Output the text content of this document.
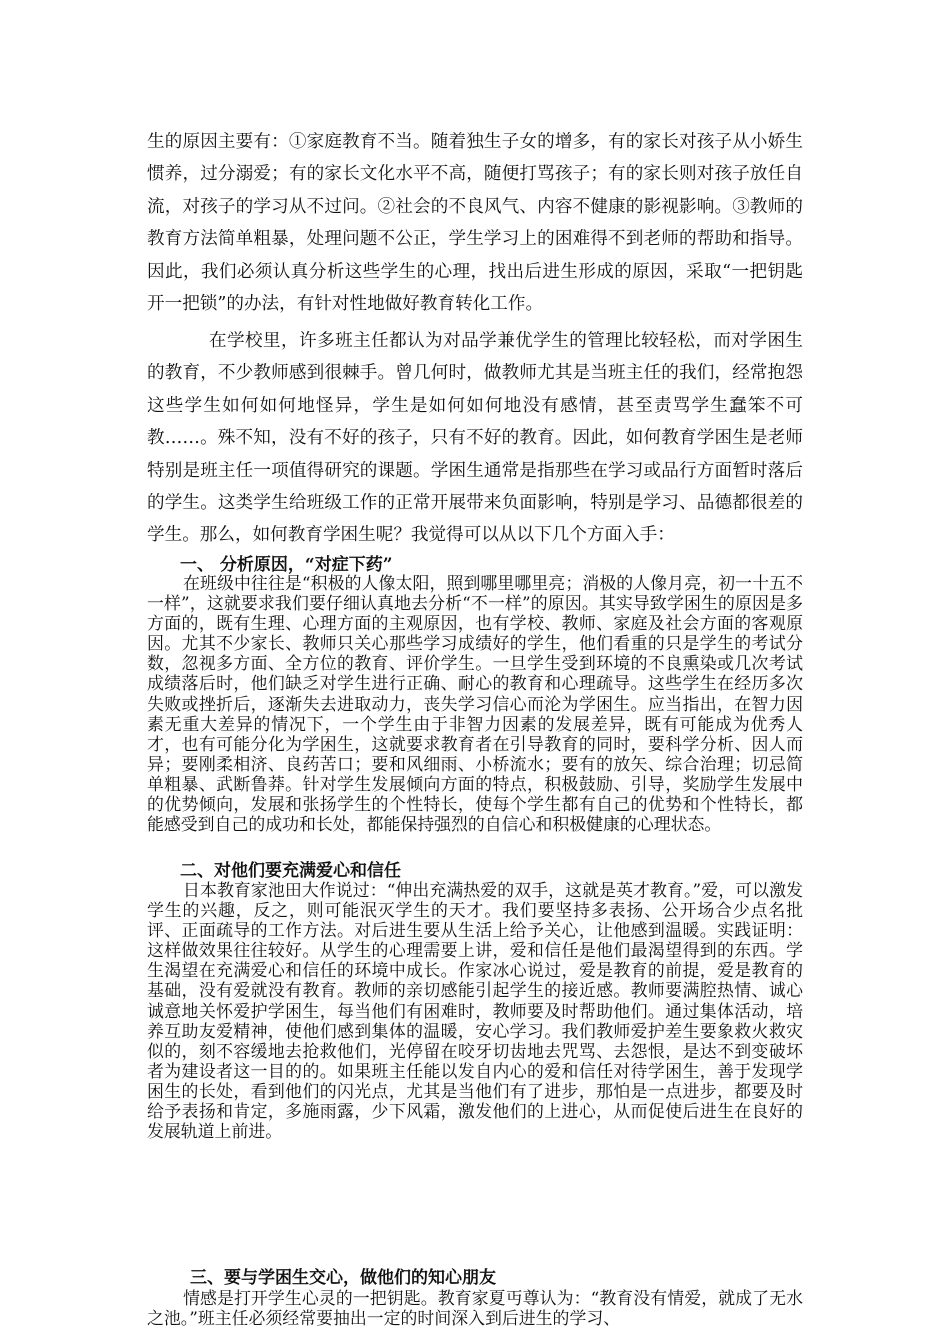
生的原因主要有：①家庭教育不当。随着独生子女的增多，有的家长对孩子从小娇生惯养，过分溺爱；有的家长文化水平不高，随便打骂孩子；有的家长则对孩子放任自流，对孩子的学习从不过问。②社会的不良风气、内容不健康的影视影响。③教师的教育方法简单粗暴，处理问题不公正，学生学习上的困难得不到老师的帮助和指导。因此，我们必须认真分析这些学生的心理，找出后进生形成的原因，采取“一把钥匙开一把锁”的办法，有针对性地做好教育转化工作。

在学校里，许多班主任都认为对品学兼优学生的管理比较轻松，而对学困生的教育，不少教师感到很棘手。曾几何时，做教师尤其是当班主任的我们，经常抱怨这些学生如何如何地怪异，学生是如何如何地没有感情，甚至责骂学生蠢笨不可教……。殊不知，没有不好的孩子，只有不好的教育。因此，如何教育学困生是老师特别是班主任一项值得研究的课题。学困生通常是指那些在学习或品行方面暂时落后的学生。这类学生给班级工作的正常开展带来负面影响，特别是学习、品德都很差的学生。那么，如何教育学困生呢？我觉得可以从以下几个方面入手：

一、 分析原因，“对症下药”

在班级中往往是“积极的人像太阳，照到哪里哪里亮；消极的人像月亮，初一十五不一样”，这就要求我们要仔细认真地去分析“不一样”的原因。其实导致学困生的原因是多方面的，既有生理、心理方面的主观原因，也有学校、教师、家庭及社会方面的客观原因。尤其不少家长、教师只关心那些学习成绩好的学生，他们看重的只是学生的考试分数，忽视多方面、全方位的教育、评价学生。一旦学生受到环境的不良熏染或几次考试成绩落后时，他们缺乏对学生进行正确、耐心的教育和心理疏导。这些学生在经历多次失败或挫折后，逐渐失去进取动力，丧失学习信心而沦为学困生。应当指出，在智力因素无重大差异的情况下，一个学生由于非智力因素的发展差异，既有可能成为优秀人才，也有可能分化为学困生，这就要求教育者在引导教育的同时，要科学分析、因人而异；要刚柔相济、良药苦口；要和风细雨、小桥流水；要有的放矢、综合治理；切忌简单粗暴、武断鲁莽。针对学生发展倾向方面的特点，积极鼓励、引导，奖励学生发展中的优势倾向，发展和张扬学生的个性特长，使每个学生都有自己的优势和个性特长，都能感受到自己的成功和长处，都能保持强烈的自信心和积极健康的心理状态。

二、对他们要充满爱心和信任

日本教育家池田大作说过：“伸出充满热爱的双手，这就是英才教育。”爱，可以激发学生的兴趣，反之，则可能泯灭学生的天才。我们要坚持多表扬、公开场合少点名批评、正面疏导的工作方法。对后进生要从生活上给予关心，让他感到温暖。实践证明：这样做效果往往较好。从学生的心理需要上讲，爱和信任是他们最渴望得到的东西。学生渴望在充满爱心和信任的环境中成长。作家冰心说过，爱是教育的前提，爱是教育的基础，没有爱就没有教育。教师的亲切感能引起学生的接近感。教师要满腔热情、诚心诚意地关怀爱护学困生，每当他们有困难时，教师要及时帮助他们。通过集体活动，培养互助友爱精神，使他们感到集体的温暖，安心学习。我们教师爱护差生要象救火救灾似的，刻不容缓地去抢救他们，光停留在咬牙切齿地去咒骂、去怨恨，是达不到变破坏者为建设者这一目的的。如果班主任能以发自内心的爱和信任对待学困生，善于发现学困生的长处，看到他们的闪光点，尤其是当他们有了进步，那怕是一点进步，都要及时给予表扬和肯定，多施雨露，少下风霜，激发他们的上进心，从而促使后进生在良好的发展轨道上前进。

三、要与学困生交心，做他们的知心朋友

情感是打开学生心灵的一把钥匙。教育家夏丏尊认为：“教育没有情爱，就成了无水之池。”班主任必须经常要抽出一定的时间深入到后进生的学习、
